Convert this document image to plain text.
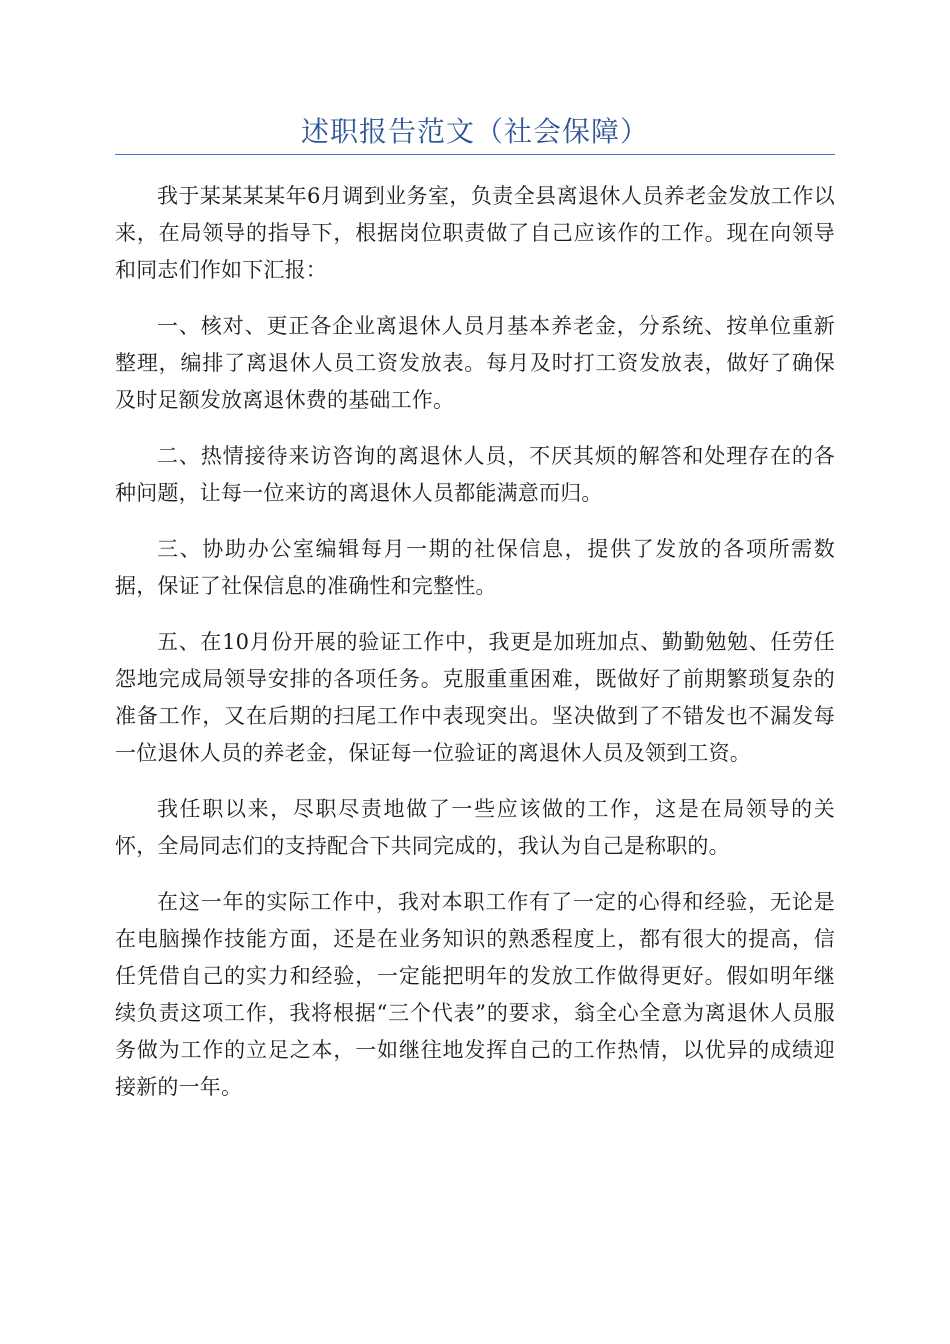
述职报告范文（社会保障）

我于某某某某年6月调到业务室，负责全县离退休人员养老金发放工作以来，在局领导的指导下，根据岗位职责做了自己应该作的工作。现在向领导和同志们作如下汇报：

一、核对、更正各企业离退休人员月基本养老金，分系统、按单位重新整理，编排了离退休人员工资发放表。每月及时打工资发放表，做好了确保及时足额发放离退休费的基础工作。

二、热情接待来访咨询的离退休人员，不厌其烦的解答和处理存在的各种问题，让每一位来访的离退休人员都能满意而归。

三、协助办公室编辑每月一期的社保信息，提供了发放的各项所需数据，保证了社保信息的准确性和完整性。

五、在10月份开展的验证工作中，我更是加班加点、勤勤勉勉、任劳任怨地完成局领导安排的各项任务。克服重重困难，既做好了前期繁琐复杂的准备工作，又在后期的扫尾工作中表现突出。坚决做到了不错发也不漏发每一位退休人员的养老金，保证每一位验证的离退休人员及领到工资。

我任职以来，尽职尽责地做了一些应该做的工作，这是在局领导的关怀，全局同志们的支持配合下共同完成的，我认为自己是称职的。

在这一年的实际工作中，我对本职工作有了一定的心得和经验，无论是在电脑操作技能方面，还是在业务知识的熟悉程度上，都有很大的提高，信任凭借自己的实力和经验，一定能把明年的发放工作做得更好。假如明年继续负责这项工作，我将根据“三个代表”的要求，翁全心全意为离退休人员服务做为工作的立足之本，一如继往地发挥自己的工作热情，以优异的成绩迎接新的一年。
